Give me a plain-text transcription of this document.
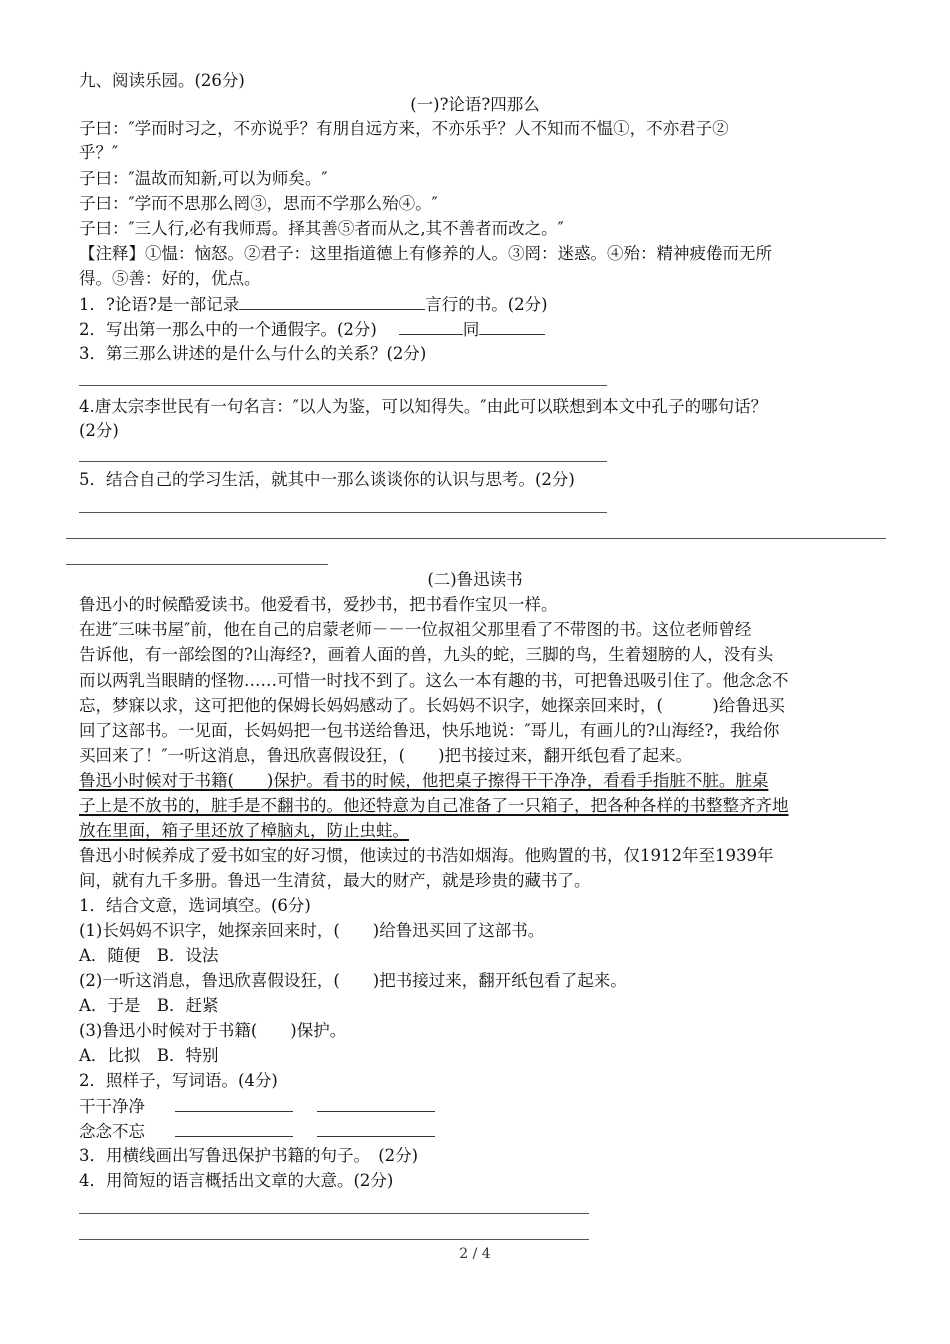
九、阅读乐园。(26分)
(一)?论语?四那么
子曰：″学而时习之，不亦说乎？有朋自远方来，不亦乐乎？人不知而不愠①，不亦君子②
乎？″
子曰：″温故而知新,可以为师矣。″
子曰：″学而不思那么罔③，思而不学那么殆④。″
子曰：″三人行,必有我师焉。择其善⑤者而从之,其不善者而改之。″
【注释】①愠：恼怒。②君子：这里指道德上有修养的人。③罔：迷惑。④殆：精神疲倦而无所
得。⑤善：好的，优点。
1．?论语?是一部记录	言行的书。(2分)
2．写出第一那么中的一个通假字。(2分)	同
3．第三那么讲述的是什么与什么的关系？(2分)
4.唐太宗李世民有一句名言：″以人为鉴，可以知得失。″由此可以联想到本文中孔子的哪句话？
(2分)
5．结合自己的学习生活，就其中一那么谈谈你的认识与思考。(2分)
(二)鲁迅读书
鲁迅小的时候酷爱读书。他爱看书，爱抄书，把书看作宝贝一样。
在进″三味书屋″前，他在自己的启蒙老师－－一位叔祖父那里看了不带图的书。这位老师曾经
告诉他，有一部绘图的?山海经?，画着人面的兽，九头的蛇，三脚的鸟，生着翅膀的人，没有头
而以两乳当眼睛的怪物……可惜一时找不到了。这么一本有趣的书，可把鲁迅吸引住了。他念念不
忘，梦寐以求，这可把他的保姆长妈妈感动了。长妈妈不识字，她探亲回来时，(　　　)给鲁迅买
回了这部书。一见面，长妈妈把一包书送给鲁迅，快乐地说：″哥儿，有画儿的?山海经?，我给你
买回来了！″一听这消息，鲁迅欣喜假设狂，(　　)把书接过来，翻开纸包看了起来。
鲁迅小时候对于书籍(　　)保护。看书的时候，他把桌子擦得干干净净，看看手指脏不脏。脏桌
子上是不放书的，脏手是不翻书的。他还特意为自己准备了一只箱子，把各种各样的书整整齐齐地
放在里面，箱子里还放了樟脑丸，防止虫蛀。
鲁迅小时候养成了爱书如宝的好习惯，他读过的书浩如烟海。他购置的书，仅1912年至1939年
间，就有九千多册。鲁迅一生清贫，最大的财产，就是珍贵的藏书了。
1．结合文意，选词填空。(6分)
(1)长妈妈不识字，她探亲回来时，(　　)给鲁迅买回了这部书。
A．随便　B．设法
(2)一听这消息，鲁迅欣喜假设狂，(　　)把书接过来，翻开纸包看了起来。
A．于是　B．赶紧
(3)鲁迅小时候对于书籍(　　)保护。
A．比拟　B．特别
2．照样子，写词语。(4分)
干干净净
念念不忘
3．用横线画出写鲁迅保护书籍的句子。　(2分)
4．用简短的语言概括出文章的大意。(2分)
2 / 4
